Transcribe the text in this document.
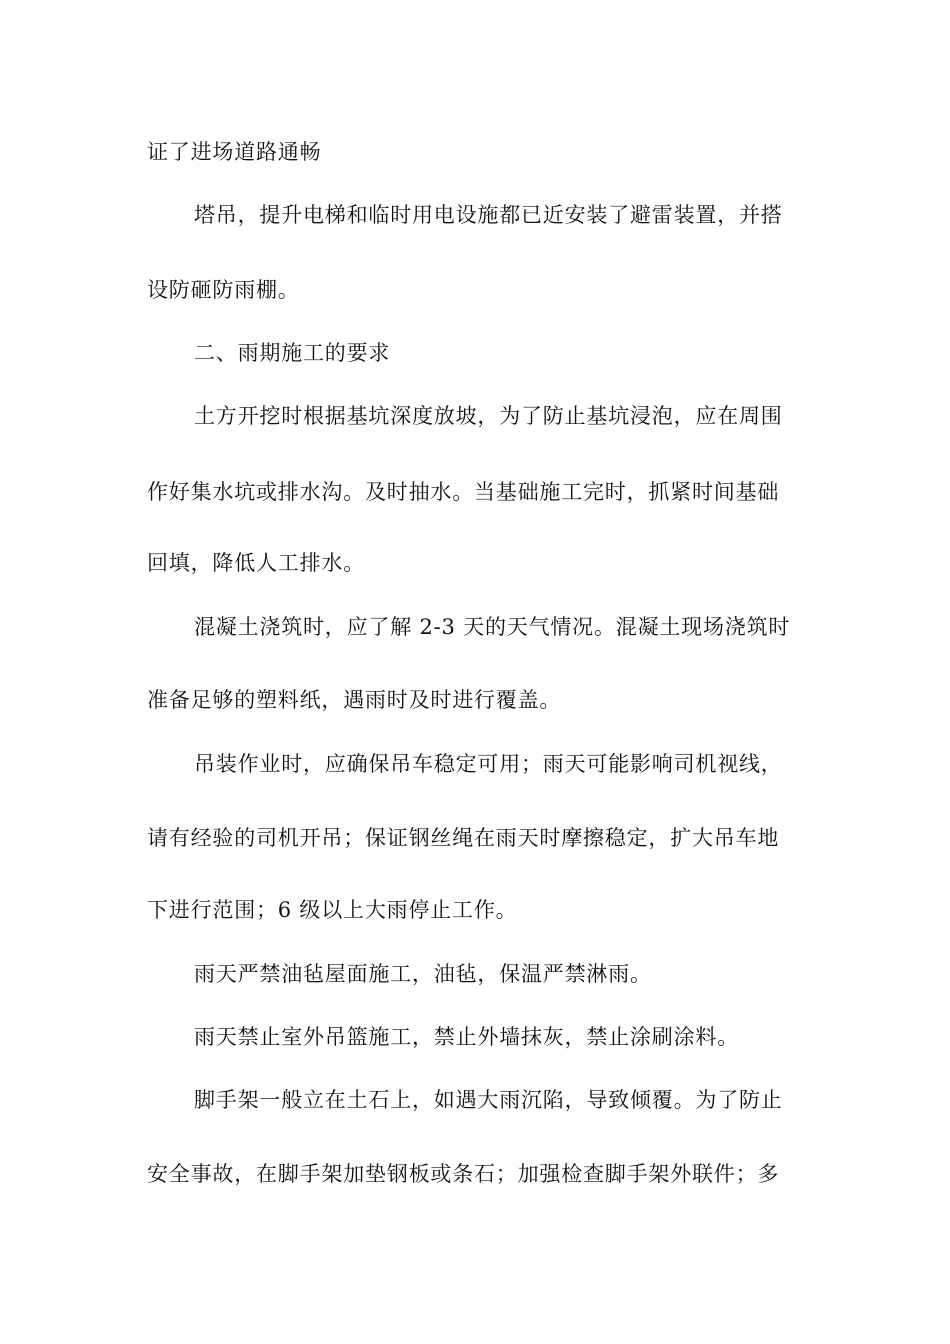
证了进场道路通畅
塔吊，提升电梯和临时用电设施都已近安装了避雷装置，并搭
设防砸防雨棚。
二、雨期施工的要求
土方开挖时根据基坑深度放坡，为了防止基坑浸泡，应在周围
作好集水坑或排水沟。及时抽水。当基础施工完时，抓紧时间基础
回填，降低人工排水。
混凝土浇筑时，应了解 2-3 天的天气情况。混凝土现场浇筑时
准备足够的塑料纸，遇雨时及时进行覆盖。
吊装作业时，应确保吊车稳定可用；雨天可能影响司机视线，
请有经验的司机开吊；保证钢丝绳在雨天时摩擦稳定，扩大吊车地
下进行范围；6 级以上大雨停止工作。
雨天严禁油毡屋面施工，油毡，保温严禁淋雨。
雨天禁止室外吊篮施工，禁止外墙抹灰，禁止涂刷涂料。
脚手架一般立在土石上，如遇大雨沉陷，导致倾覆。为了防止
安全事故，在脚手架加垫钢板或条石；加强检查脚手架外联件；多
